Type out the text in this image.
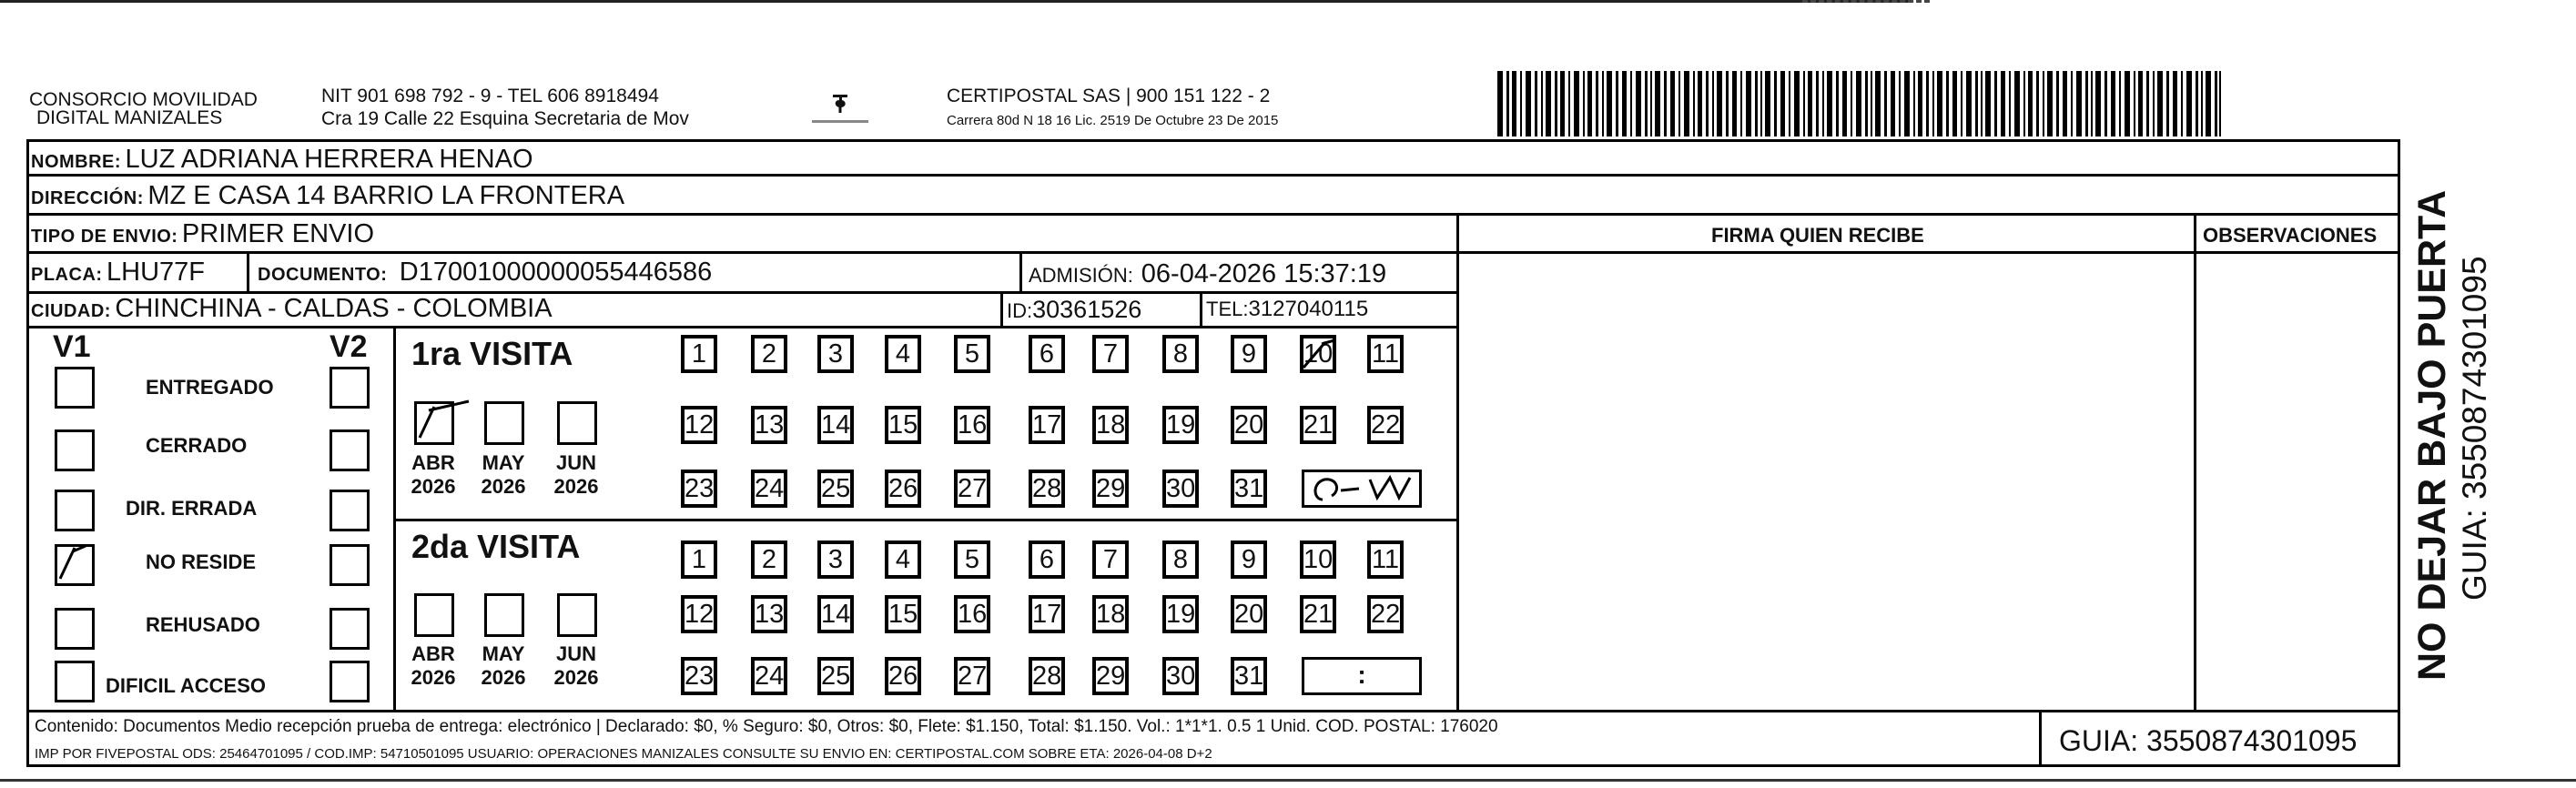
CONSORCIO MOVILIDAD
DIGITAL MANIZALES
NIT 901 698 792 - 9 - TEL 606 8918494
Cra 19 Calle 22 Esquina Secretaria de Mov
CERTIPOSTAL SAS | 900 151 122 - 2
Carrera 80d N 18 16 Lic. 2519 De Octubre 23 De 2015
NOMBRE: LUZ ADRIANA HERRERA HENAO
DIRECCIÓN: MZ E CASA 14 BARRIO LA FRONTERA
TIPO DE ENVIO: PRIMER ENVIO
PLACA: LHU77F	DOCUMENTO: D17001000000055446586	ADMISIÓN: 06-04-2026 15:37:19
CIUDAD: CHINCHINA - CALDAS - COLOMBIA	ID:30361526	TEL:3127040115
FIRMA QUIEN RECIBE	OBSERVACIONES
V1	V2
ENTREGADO
CERRADO
DIR. ERRADA
NO RESIDE
REHUSADO
DIFICIL ACCESO
1ra VISITA
2da VISITA
1	2	3	4	5	6	7	8	9	10 11
12 13 14 15 16 17 18 19 20 21 22
23 24 25 26 27 28 29 30 31
1	2	3	4	5	6	7	8	9	10 11
12 13 14 15 16 17 18 19 20 21 22
23 24 25 26 27 28 29 30 31	:
ABR
2026
MAY
2026
JUN
2026
ABR
2026
MAY
2026
JUN
2026
Contenido: Documentos Medio recepción prueba de entrega: electrónico | Declarado: $0, % Seguro: $0, Otros: $0, Flete: $1.150, Total: $1.150. Vol.: 1*1*1. 0.5 1 Unid. COD. POSTAL: 176020
IMP POR FIVEPOSTAL ODS: 25464701095 / COD.IMP: 54710501095 USUARIO: OPERACIONES MANIZALES CONSULTE SU ENVIO EN: CERTIPOSTAL.COM SOBRE ETA: 2026-04-08 D+2	GUIA: 3550874301095
NO DEJAR BAJO PUERTA GUIA: 3550874301095
